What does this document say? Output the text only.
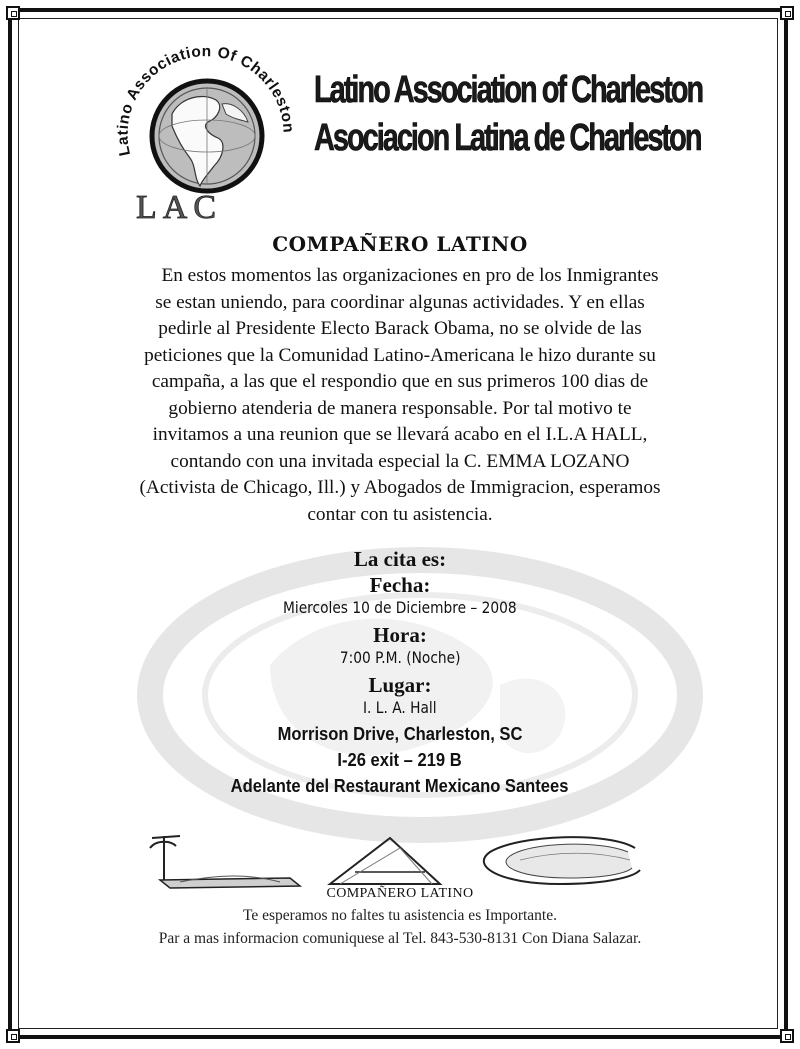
Latino Association Of Charleston
LAC
Latino Association of Charleston
Asociacion Latina de Charleston
COMPAÑERO LATINO
En estos momentos las organizaciones en pro de los Inmigrantes
se estan uniendo, para coordinar algunas actividades. Y en ellas
pedirle al Presidente Electo Barack Obama, no se olvide de las
peticiones que la Comunidad Latino-Americana le hizo durante su
campaña, a las que el respondio que en sus primeros 100 dias de
gobierno atenderia de manera responsable. Por tal motivo te
invitamos a una reunion que se llevará acabo en el I.L.A HALL,
contando con una invitada especial la C. EMMA LOZANO
(Activista de Chicago, Ill.) y Abogados de Immigracion, esperamos
contar con tu asistencia.
La cita es:
Fecha:
Miercoles 10 de Diciembre – 2008
Hora:
7:00 P.M. (Noche)
Lugar:
I. L. A. Hall
Morrison Drive, Charleston, SC
I-26 exit – 219 B
Adelante del Restaurant Mexicano Santees
LAC
COMPAÑERO LATINO
Te esperamos no faltes tu asistencia es Importante.
Par a mas informacion comuniquese al Tel. 843-530-8131 Con Diana Salazar.
